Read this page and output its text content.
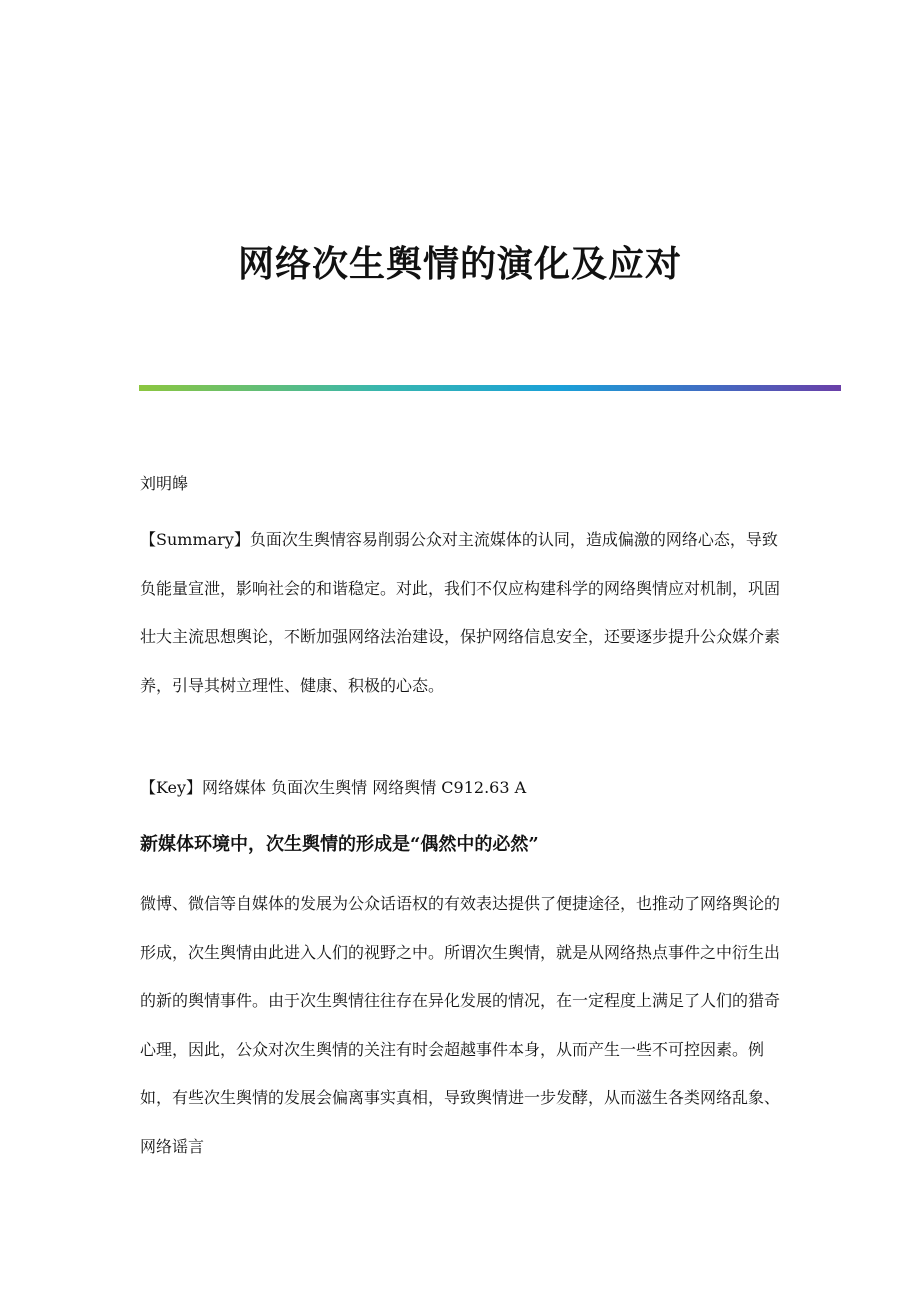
网络次生舆情的演化及应对

刘明皞

【Summary】负面次生舆情容易削弱公众对主流媒体的认同，造成偏激的网络心态，导致负能量宣泄，影响社会的和谐稳定。对此，我们不仅应构建科学的网络舆情应对机制，巩固壮大主流思想舆论，不断加强网络法治建设，保护网络信息安全，还要逐步提升公众媒介素养，引导其树立理性、健康、积极的心态。

【Key】网络媒体 负面次生舆情 网络舆情 C912.63 A

新媒体环境中，次生舆情的形成是“偶然中的必然”

微博、微信等自媒体的发展为公众话语权的有效表达提供了便捷途径，也推动了网络舆论的形成，次生舆情由此进入人们的视野之中。所谓次生舆情，就是从网络热点事件之中衍生出的新的舆情事件。由于次生舆情往往存在异化发展的情况，在一定程度上满足了人们的猎奇心理，因此，公众对次生舆情的关注有时会超越事件本身，从而产生一些不可控因素。例如，有些次生舆情的发展会偏离事实真相，导致舆情进一步发酵，从而滋生各类网络乱象、网络谣言
